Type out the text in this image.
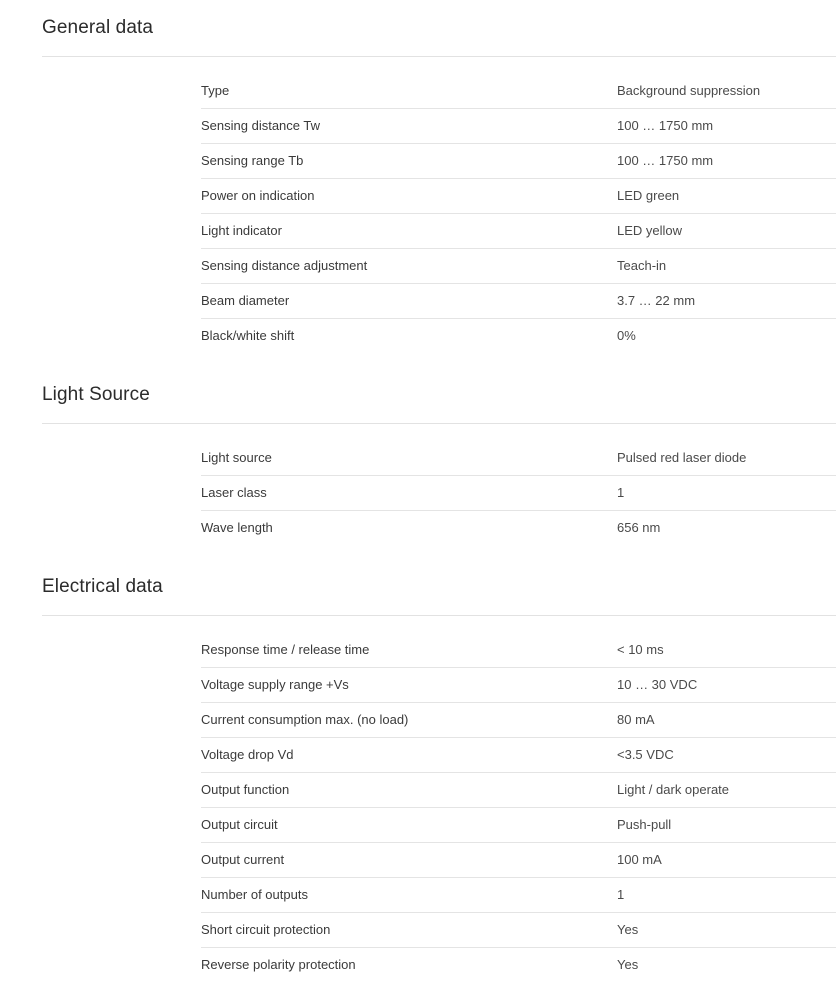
General data
Type	Background suppression
Sensing distance Tw	100 … 1750 mm
Sensing range Tb	100 … 1750 mm
Power on indication	LED green
Light indicator	LED yellow
Sensing distance adjustment	Teach-in
Beam diameter	3.7 … 22 mm
Black/white shift	0%
Light Source
Light source	Pulsed red laser diode
Laser class	1
Wave length	656 nm
Electrical data
Response time / release time	< 10 ms
Voltage supply range +Vs	10 … 30 VDC
Current consumption max. (no load)	80 mA
Voltage drop Vd	<3.5 VDC
Output function	Light / dark operate
Output circuit	Push-pull
Output current	100 mA
Number of outputs	1
Short circuit protection	Yes
Reverse polarity protection	Yes
